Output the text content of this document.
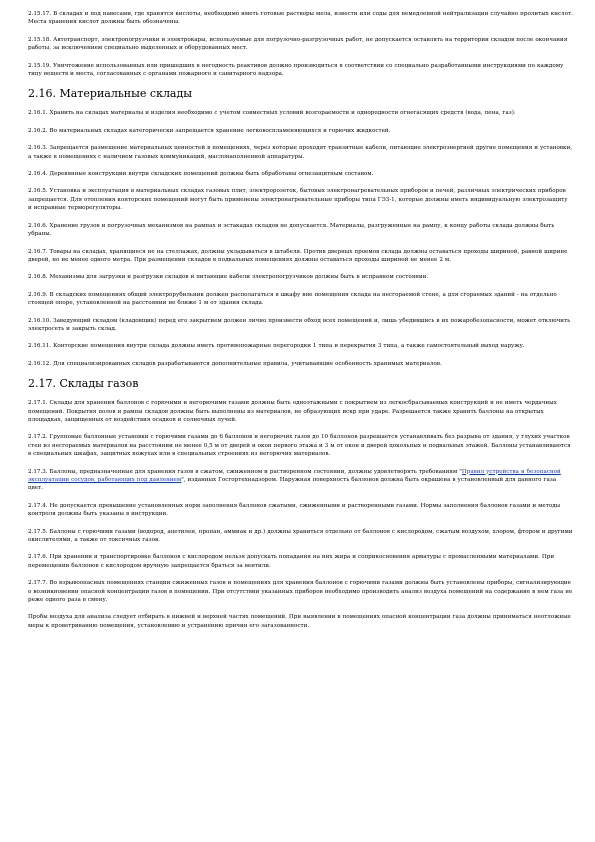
2.15.17. В складах и под навесами, где хранятся кислоты, необходимо иметь готовые растворы мела, извести или соды для немедленной нейтрализации случайно пролитых кислот. Места хранения кислот должны быть обозначены.

2.15.18. Автотранспорт, электропогрузчики и электрокары, используемые для погрузочно-разгрузочных работ, не допускается оставлять на территории складов после окончания работы, за исключением специально выделенных и оборудованных мест.

2.15.19. Уничтожение использованных или пришедших в негодность реактивов должно производиться в соответствии со специально разработанными инструкциями по каждому типу веществ и места, согласованных с органами пожарного и санитарного надзора.

2.16. Материальные склады

2.16.1. Хранить на складах материалы и изделия необходимо с учетом совместных условий возгораемости и однородности огнегасящих средств (вода, пена, газ).

2.16.2. Во материальных складах категорически запрещается хранение легковоспламеняющихся и горючих жидкостей.

2.16.3. Запрещается размещение материальных ценностей в помещениях, через которые проходят транзитные кабели, питающие электроэнергией другие помещения и установки, а также в помещениях с наличием газовых коммуникаций, маслонаполненной аппаратуры.

2.16.4. Деревянные конструкции внутри складских помещений должны быть обработаны огнезащитным составом.

2.16.5. Установка и эксплуатация в материальных складах газовых плит, электророзеток, бытовых электронагревательных приборов и печей, различных электрических приборов запрещается. Для отопления конторских помещений могут быть применены электронагревательные приборы типа ГЭЗ-1, которые должны иметь индивидуальную электрозащиту и исправные терморегуляторы.

2.16.6. Хранение грузов и погрузочных механизмов на рампах и эстакадах складов не допускается. Материалы, разгруженные на рампу, к концу работы склада должны быть убраны.

2.16.7. Товары на складах, хранящиеся не на стеллажах, должны укладываться в штабеля. Против дверных проемов склада должны оставаться проходы шириной, равной ширине дверей, но не менее одного метра. При размещении складов в подвальных помещениях должны оставаться проходы шириной не менее 2 м.

2.16.8. Механизмы для загрузки и разгрузки складов и питающие кабели электропогрузчиков должны быть в исправном состоянии.

2.16.9. В складских помещениях общий электрорубильник должен располагаться в шкафу вне помещения склада на несгораемой стене, а для сгораемых зданий - на отдельно стоящей опоре, установленной на расстоянии не ближе 1 м от здания склада.

2.16.10. Заведующий складом (кладовщик) перед его закрытием должен лично произвести обход всех помещений и, лишь убедившись в их пожаробезопасности, может отключить электросеть и закрыть склад.

2.16.11. Конторские помещения внутри склада должны иметь противопожарные перегородки 1 типа и перекрытия 3 типа, а также самостоятельный выход наружу.

2.16.12. Для специализированных складов разрабатываются дополнительные правила, учитывающие особенность хранимых материалов.

2.17. Склады газов

2.17.1. Склады для хранения баллонов с горючими и негорючими газами должны быть одноэтажными с покрытием из легкосбрасываемых конструкций и не иметь чердачных помещений. Покрытия полов и рампы складов должны быть выполнены из материалов, не образующих искр при ударе. Разрешается также хранить баллоны на открытых площадках, защищенных от воздействия осадков и солнечных лучей.

2.17.2. Групповые баллонные установки с горючими газами до 6 баллонов и негорючих газов до 10 баллонов разрешается устанавливать без разрыва от здания, у глухих участков стен из несгораемых материалов на расстоянии не менее 0,5 м от дверей и окон первого этажа и 3 м от окон и дверей цокольных и подвальных этажей. Баллоны устанавливаются в специальных шкафах, защитных кожухах или в специальных строениях из негорючих материалов.

2.17.3. Баллоны, предназначенные для хранения газов в сжатом, сжиженном и растворенном состоянии, должны удовлетворять требованиям "Правил устройства и безопасной эксплуатации сосудов, работающих под давлением", изданных Госгортехнадзором. Наружная поверхность баллонов должна быть окрашена в установленный для данного газа цвет.

2.17.4. Не допускается превышение установленных норм заполнения баллонов сжатыми, сжиженными и растворенными газами. Нормы заполнения баллонов газами и методы контроля должны быть указаны в инструкции.

2.17.5. Баллоны с горючими газами (водород, ацетилен, пропан, аммиак и др.) должны храниться отдельно от баллонов с кислородом, сжатым воздухом, хлором, фтором и другими окислителями, а также от токсичных газов.

2.17.6. При хранении и транспортировке баллонов с кислородом нельзя допускать попадания на них жира и соприкосновения арматуры с промасленными материалами. При перемещении баллонов с кислородом вручную запрещается браться за вентили.

2.17.7. Во взрывоопасных помещениях станции сжиженных газов и помещениях для хранения баллонов с горючими газами должны быть установлены приборы, сигнализирующие о возникновении опасной концентрации газов в помещении. При отсутствии указанных приборов необходимо производить анализ воздуха помещений на содержание в нем газа не реже одного раза в смену.

Пробы воздуха для анализа следует отбирать в нижней и верхней частях помещений. При выявлении в помещениях опасной концентрации газа должны приниматься неотложные меры к проветриванию помещения, установлению и устранению причин его загазованности.
